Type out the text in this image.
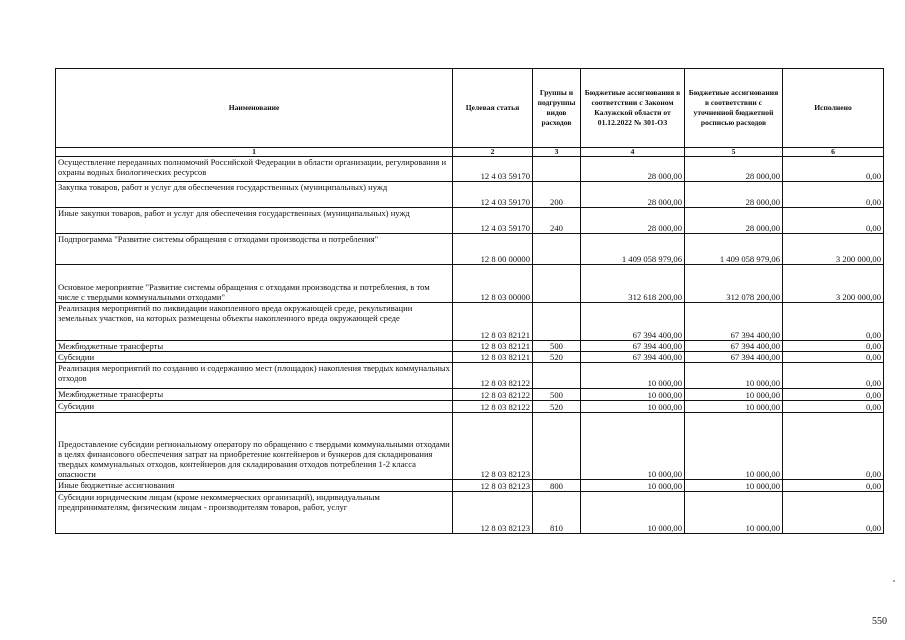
Наименование	Целевая статья	Группы и подгруппы видов расходов	Бюджетные ассигнования в соответствии с Законом Калужской области от 01.12.2022 № 301-ОЗ	Бюджетные ассигнования в соответствии с уточненной бюджетной росписью расходов	Исполнено
1	2	3	4	5	6
Осуществление переданных полномочий Российской Федерации в области организации, регулирования и охраны водных биологических ресурсов	12 4 03 59170		28 000,00	28 000,00	0,00
Закупка товаров, работ и услуг для обеспечения государственных (муниципальных) нужд	12 4 03 59170	200	28 000,00	28 000,00	0,00
Иные закупки товаров, работ и услуг для обеспечения государственных (муниципальных) нужд	12 4 03 59170	240	28 000,00	28 000,00	0,00
Подпрограмма "Развитие системы обращения с отходами производства и потребления"	12 8 00 00000		1 409 058 979,06	1 409 058 979,06	3 200 000,00
Основное мероприятие "Развитие системы обращения с отходами производства и потребления, в том числе с твердыми коммунальными отходами"	12 8 03 00000		312 618 200,00	312 078 200,00	3 200 000,00
Реализация мероприятий по ликвидации накопленного вреда окружающей среде, рекультивации земельных участков, на которых размещены объекты накопленного вреда окружающей среде	12 8 03 82121		67 394 400,00	67 394 400,00	0,00
Межбюджетные трансферты	12 8 03 82121	500	67 394 400,00	67 394 400,00	0,00
Субсидии	12 8 03 82121	520	67 394 400,00	67 394 400,00	0,00
Реализация мероприятий по созданию и содержанию мест (площадок) накопления твердых коммунальных отходов	12 8 03 82122		10 000,00	10 000,00	0,00
Межбюджетные трансферты	12 8 03 82122	500	10 000,00	10 000,00	0,00
Субсидии	12 8 03 82122	520	10 000,00	10 000,00	0,00
Предоставление субсидии региональному оператору по обращению с твердыми коммунальными отходами в целях финансового обеспечения затрат на приобретение контейнеров и бункеров для складирования твердых коммунальных отходов, контейнеров для складирования отходов потребления 1-2 класса опасности	12 8 03 82123		10 000,00	10 000,00	0,00
Иные бюджетные ассигнования	12 8 03 82123	800	10 000,00	10 000,00	0,00
Субсидии юридическим лицам (кроме некоммерческих организаций), индивидуальным предпринимателям, физическим лицам - производителям товаров, работ, услуг	12 8 03 82123	810	10 000,00	10 000,00	0,00
550
